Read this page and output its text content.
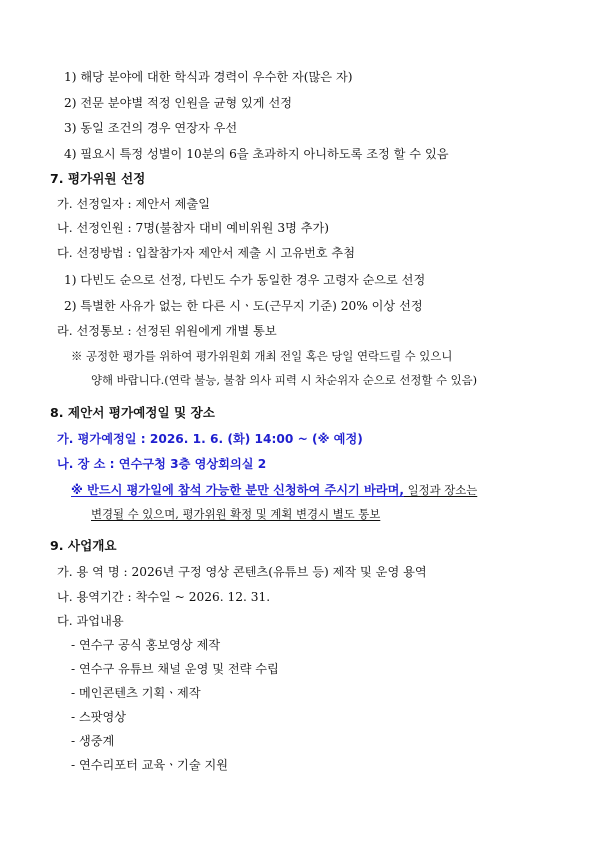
1) 해당 분야에 대한 학식과 경력이 우수한 자(많은 자)
2) 전문 분야별 적정 인원을 균형 있게 선정
3) 동일 조건의 경우 연장자 우선
4) 필요시 특정 성별이 10분의 6을 초과하지 아니하도록 조정 할 수 있음
7. 평가위원 선정
가. 선정일자 : 제안서 제출일
나. 선정인원 : 7명(불참자 대비 예비위원 3명 추가)
다. 선정방법 : 입찰참가자 제안서 제출 시 고유번호 추첨
1) 다빈도 순으로 선정, 다빈도 수가 동일한 경우 고령자 순으로 선정
2) 특별한 사유가 없는 한 다른 시ㆍ도(근무지 기준) 20% 이상 선정
라. 선정통보 : 선정된 위원에게 개별 통보
※ 공정한 평가를 위하여 평가위원회 개최 전일 혹은 당일 연락드릴 수 있으니
양해 바랍니다.(연락 불능, 불참 의사 피력 시 차순위자 순으로 선정할 수 있음)
8. 제안서 평가예정일 및 장소
가. 평가예정일 : 2026. 1. 6. (화) 14:00 ~ (※ 예정)
나. 장 소 : 연수구청 3층 영상회의실 2
※ 반드시 평가일에 참석 가능한 분만 신청하여 주시기 바라며, 일정과 장소는
변경될 수 있으며, 평가위원 확정 및 계획 변경시 별도 통보
9. 사업개요
가. 용 역 명 : 2026년 구정 영상 콘텐츠(유튜브 등) 제작 및 운영 용역
나. 용역기간 : 착수일 ~ 2026. 12. 31.
다. 과업내용
- 연수구 공식 홍보영상 제작
- 연수구 유튜브 채널 운영 및 전략 수립
- 메인콘텐츠 기획ㆍ제작
- 스팟영상
- 생중계
- 연수리포터 교육ㆍ기술 지원
